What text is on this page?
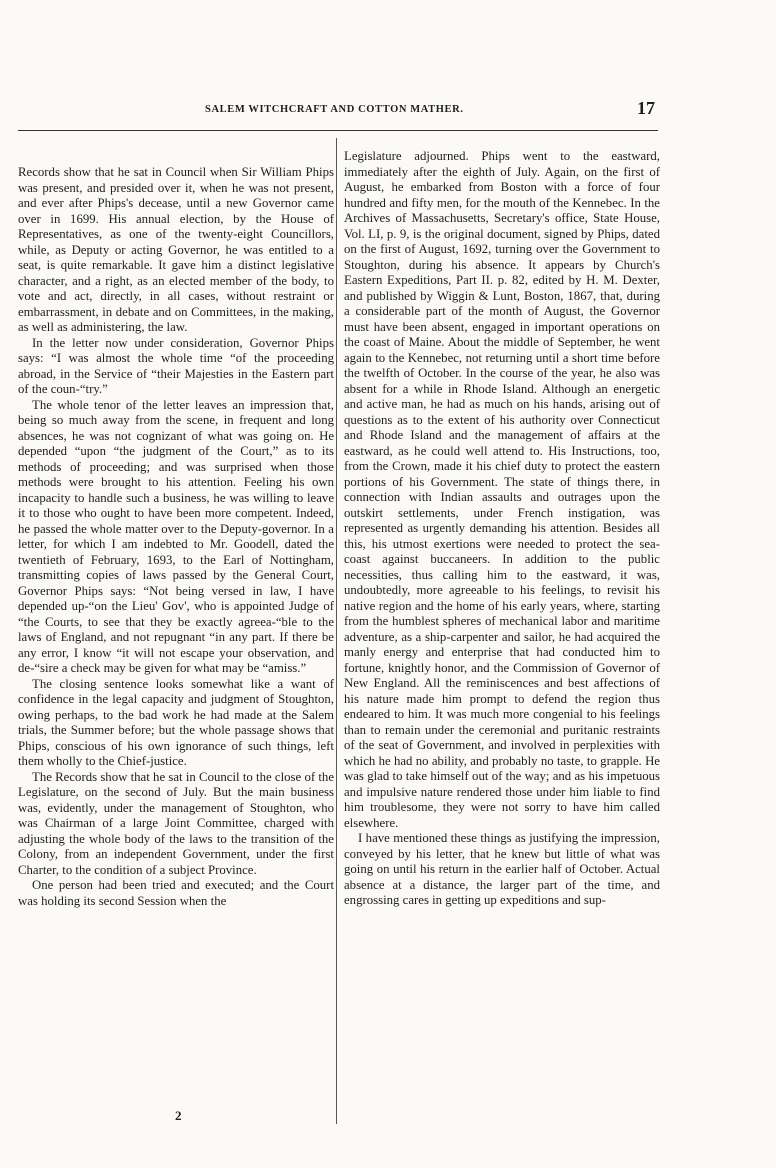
SALEM WITCHCRAFT AND COTTON MATHER.	17

Records show that he sat in Council when Sir William Phips was present, and presided over it, when he was not present, and ever after Phips's decease, until a new Governor came over in 1699. His annual election, by the House of Representatives, as one of the twenty-eight Councillors, while, as Deputy or acting Governor, he was entitled to a seat, is quite remarkable. It gave him a distinct legislative character, and a right, as an elected member of the body, to vote and act, directly, in all cases, without restraint or embarrassment, in debate and on Committees, in the making, as well as administering, the law.

In the letter now under consideration, Governor Phips says: “I was almost the whole time “of the proceeding abroad, in the Service of “their Majesties in the Eastern part of the coun-“try.”

The whole tenor of the letter leaves an impression that, being so much away from the scene, in frequent and long absences, he was not cognizant of what was going on. He depended “upon “the judgment of the Court,” as to its methods of proceeding; and was surprised when those methods were brought to his attention. Feeling his own incapacity to handle such a business, he was willing to leave it to those who ought to have been more competent. Indeed, he passed the whole matter over to the Deputy-governor. In a letter, for which I am indebted to Mr. Goodell, dated the twentieth of February, 1693, to the Earl of Nottingham, transmitting copies of laws passed by the General Court, Governor Phips says: “Not being versed in law, I have depended up-“on the Lieu' Gov', who is appointed Judge of “the Courts, to see that they be exactly agreea-“ble to the laws of England, and not repugnant “in any part. If there be any error, I know “it will not escape your observation, and de-“sire a check may be given for what may be “amiss.”

The closing sentence looks somewhat like a want of confidence in the legal capacity and judgment of Stoughton, owing perhaps, to the bad work he had made at the Salem trials, the Summer before; but the whole passage shows that Phips, conscious of his own ignorance of such things, left them wholly to the Chief-justice.

The Records show that he sat in Council to the close of the Legislature, on the second of July. But the main business was, evidently, under the management of Stoughton, who was Chairman of a large Joint Committee, charged with adjusting the whole body of the laws to the transition of the Colony, from an independent Government, under the first Charter, to the condition of a subject Province.

One person had been tried and executed; and the Court was holding its second Session when the

Legislature adjourned. Phips went to the eastward, immediately after the eighth of July. Again, on the first of August, he embarked from Boston with a force of four hundred and fifty men, for the mouth of the Kennebec. In the Archives of Massachusetts, Secretary's office, State House, Vol. LI, p. 9, is the original document, signed by Phips, dated on the first of August, 1692, turning over the Government to Stoughton, during his absence. It appears by Church's Eastern Expeditions, Part II. p. 82, edited by H. M. Dexter, and published by Wiggin & Lunt, Boston, 1867, that, during a considerable part of the month of August, the Governor must have been absent, engaged in important operations on the coast of Maine. About the middle of September, he went again to the Kennebec, not returning until a short time before the twelfth of October. In the course of the year, he also was absent for a while in Rhode Island. Although an energetic and active man, he had as much on his hands, arising out of questions as to the extent of his authority over Connecticut and Rhode Island and the management of affairs at the eastward, as he could well attend to. His Instructions, too, from the Crown, made it his chief duty to protect the eastern portions of his Government. The state of things there, in connection with Indian assaults and outrages upon the outskirt settlements, under French instigation, was represented as urgently demanding his attention. Besides all this, his utmost exertions were needed to protect the sea-coast against buccaneers. In addition to the public necessities, thus calling him to the eastward, it was, undoubtedly, more agreeable to his feelings, to revisit his native region and the home of his early years, where, starting from the humblest spheres of mechanical labor and maritime adventure, as a ship-carpenter and sailor, he had acquired the manly energy and enterprise that had conducted him to fortune, knightly honor, and the Commission of Governor of New England. All the reminiscences and best affections of his nature made him prompt to defend the region thus endeared to him. It was much more congenial to his feelings than to remain under the ceremonial and puritanic restraints of the seat of Government, and involved in perplexities with which he had no ability, and probably no taste, to grapple. He was glad to take himself out of the way; and as his impetuous and impulsive nature rendered those under him liable to find him troublesome, they were not sorry to have him called elsewhere.

I have mentioned these things as justifying the impression, conveyed by his letter, that he knew but little of what was going on until his return in the earlier half of October. Actual absence at a distance, the larger part of the time, and engrossing cares in getting up expeditions and sup-

2
